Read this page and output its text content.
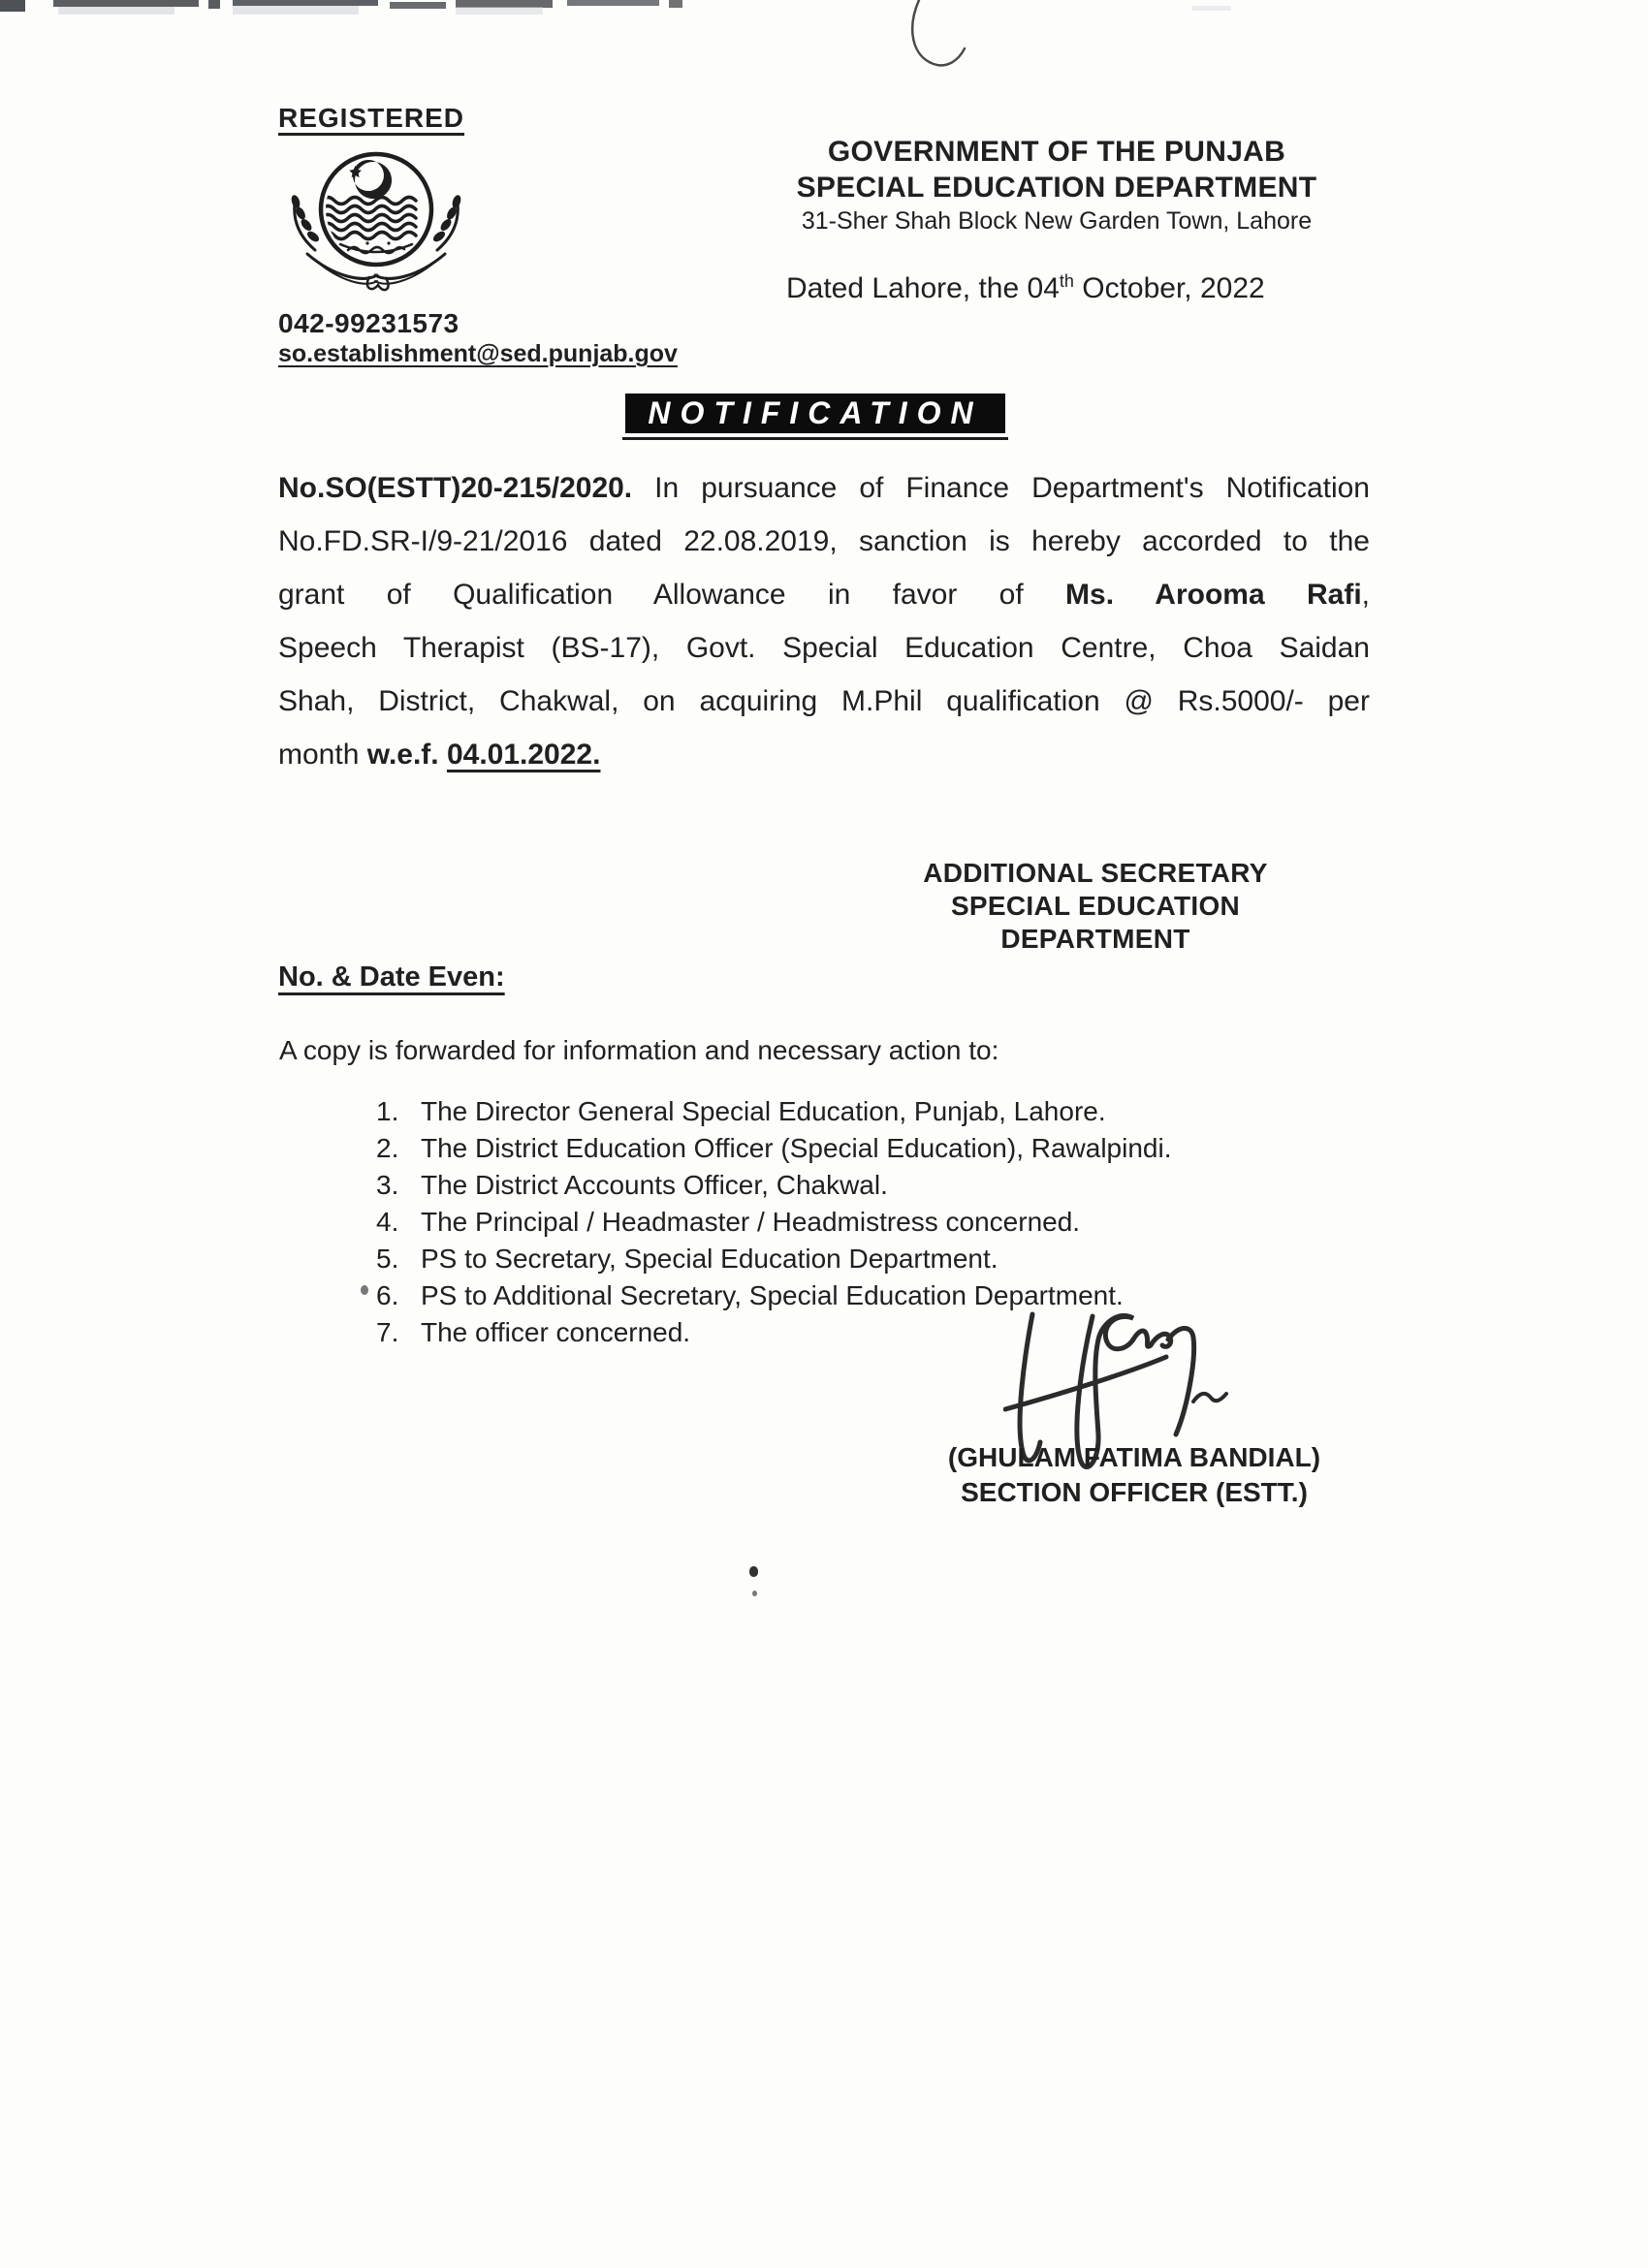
REGISTERED
042-99231573
so.establishment@sed.punjab.gov
GOVERNMENT OF THE PUNJAB
SPECIAL EDUCATION DEPARTMENT
31-Sher Shah Block New Garden Town, Lahore
Dated Lahore, the 04th October, 2022
NOTIFICATION
No.SO(ESTT)20-215/2020. In pursuance of Finance Department's Notification
No.FD.SR-I/9-21/2016 dated 22.08.2019, sanction is hereby accorded to the
grant of Qualification Allowance in favor of Ms. Arooma Rafi,
Speech Therapist (BS-17), Govt. Special Education Centre, Choa Saidan
Shah, District, Chakwal, on acquiring M.Phil qualification @ Rs.5000/- per
month w.e.f. 04.01.2022.
ADDITIONAL SECRETARY
SPECIAL EDUCATION
DEPARTMENT
No. & Date Even:
A copy is forwarded for information and necessary action to:
1. The Director General Special Education, Punjab, Lahore.
2. The District Education Officer (Special Education), Rawalpindi.
3. The District Accounts Officer, Chakwal.
4. The Principal / Headmaster / Headmistress concerned.
5. PS to Secretary, Special Education Department.
6. PS to Additional Secretary, Special Education Department.
7. The officer concerned.
(GHULAM FATIMA BANDIAL)
SECTION OFFICER (ESTT.)
